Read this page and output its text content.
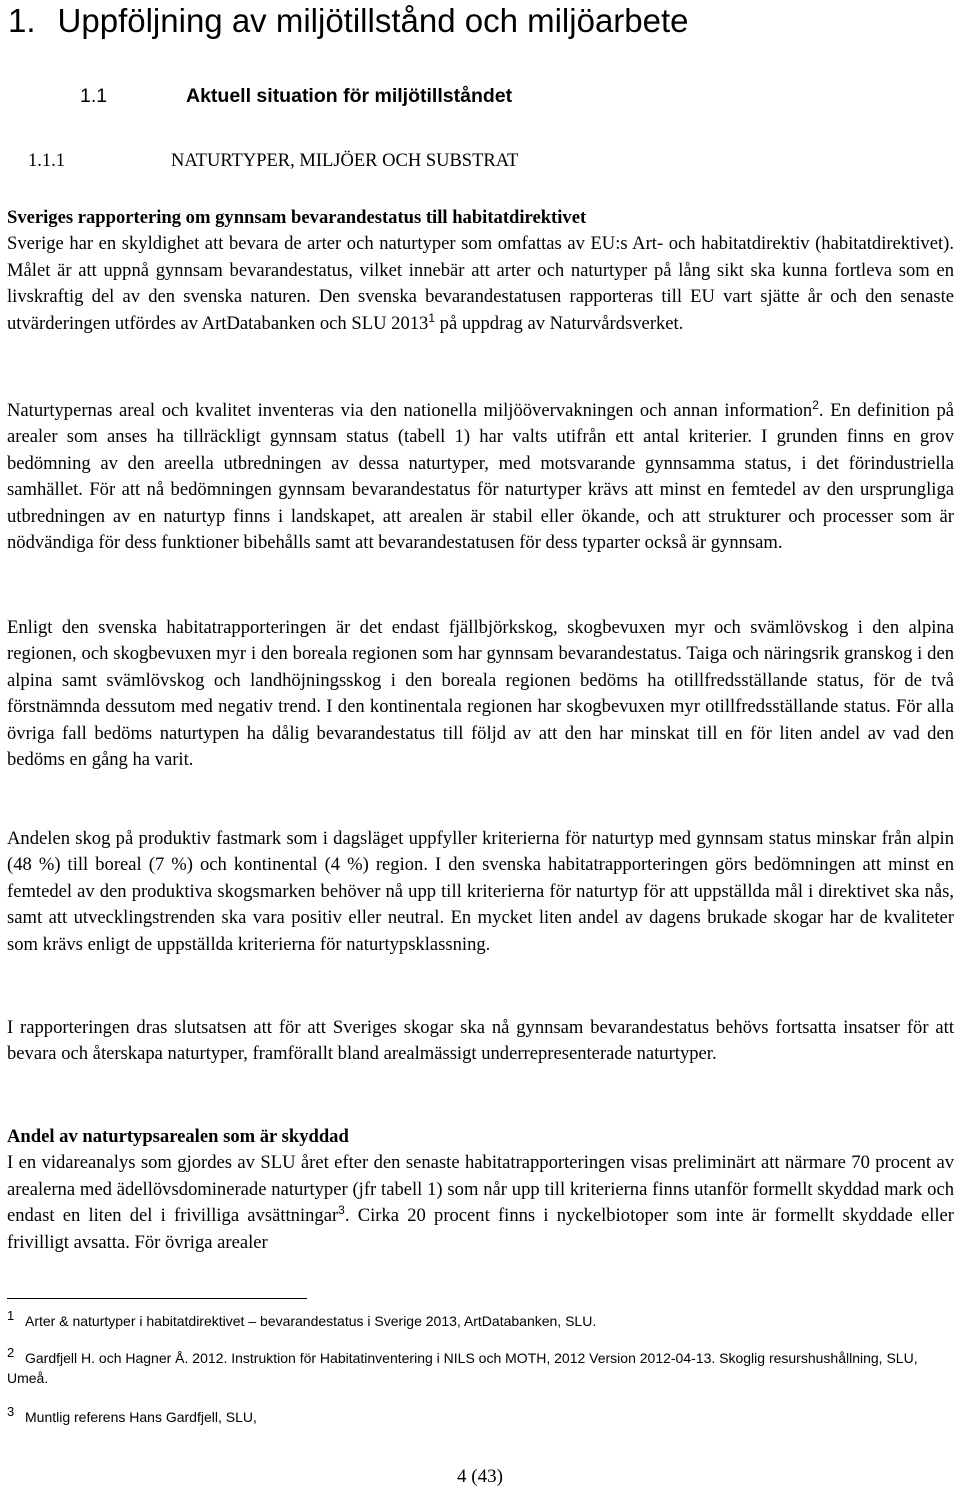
1. Uppföljning av miljötillstånd och miljöarbete
1.1	Aktuell situation för miljötillståndet
1.1.1	NATURTYPER, MILJÖER OCH SUBSTRAT
Sveriges rapportering om gynnsam bevarandestatus till habitatdirektivet

Sverige har en skyldighet att bevara de arter och naturtyper som omfattas av EU:s Art- och habitatdirektiv (habitatdirektivet). Målet är att uppnå gynnsam bevarandestatus, vilket innebär att arter och naturtyper på lång sikt ska kunna fortleva som en livskraftig del av den svenska naturen. Den svenska bevarandestatusen rapporteras till EU vart sjätte år och den senaste utvärderingen utfördes av ArtDatabanken och SLU 2013$^1$ på uppdrag av Naturvårdsverket.

Naturtypernas areal och kvalitet inventeras via den nationella miljöövervakningen och annan information$^2$. En definition på arealer som anses ha tillräckligt gynnsam status (tabell 1) har valts utifrån ett antal kriterier. I grunden finns en grov bedömning av den areella utbredningen av dessa naturtyper, med motsvarande gynnsamma status, i det förindustriella samhället. För att nå bedömningen gynnsam bevarandestatus för naturtyper krävs att minst en femtedel av den ursprungliga utbredningen av en naturtyp finns i landskapet, att arealen är stabil eller ökande, och att strukturer och processer som är nödvändiga för dess funktioner bibehålls samt att bevarandestatusen för dess typarter också är gynnsam.

Enligt den svenska habitatrapporteringen är det endast fjällbjörkskog, skogbevuxen myr och svämlövskog i den alpina regionen, och skogbevuxen myr i den boreala regionen som har gynnsam bevarandestatus. Taiga och näringsrik granskog i den alpina samt svämlövskog och landhöjningsskog i den boreala regionen bedöms ha otillfredsställande status, för de två förstnämnda dessutom med negativ trend. I den kontinentala regionen har skogbevuxen myr otillfredsställande status. För alla övriga fall bedöms naturtypen ha dålig bevarandestatus till följd av att den har minskat till en för liten andel av vad den bedöms en gång ha varit.

Andelen skog på produktiv fastmark som i dagsläget uppfyller kriterierna för naturtyp med gynnsam status minskar från alpin (48 %) till boreal (7 %) och kontinental (4 %) region. I den svenska habitatrapporteringen görs bedömningen att minst en femtedel av den produktiva skogsmarken behöver nå upp till kriterierna för naturtyp för att uppställda mål i direktivet ska nås, samt att utvecklingstrenden ska vara positiv eller neutral. En mycket liten andel av dagens brukade skogar har de kvaliteter som krävs enligt de uppställda kriterierna för naturtypsklassning.

I rapporteringen dras slutsatsen att för att Sveriges skogar ska nå gynnsam bevarandestatus behövs fortsatta insatser för att bevara och återskapa naturtyper, framförallt bland arealmässigt underrepresenterade naturtyper.

Andel av naturtypsarealen som är skyddad

I en vidareanalys som gjordes av SLU året efter den senaste habitatrapporteringen visas preliminärt att närmare 70 procent av arealerna med ädellövsdominerade naturtyper (jfr tabell 1) som når upp till kriterierna finns utanför formellt skyddad mark och endast en liten del i frivilliga avsättningar$^3$. Cirka 20 procent finns i nyckelbiotoper som inte är formellt skyddade eller frivilligt avsatta. För övriga arealer

1 Arter & naturtyper i habitatdirektivet – bevarandestatus i Sverige 2013, ArtDatabanken, SLU.
2 Gardfjell H. och Hagner Å. 2012. Instruktion för Habitatinventering i NILS och MOTH, 2012 Version 2012-04-13. Skoglig resurshushållning, SLU, Umeå.
3 Muntlig referens Hans Gardfjell, SLU,
4 (43)
